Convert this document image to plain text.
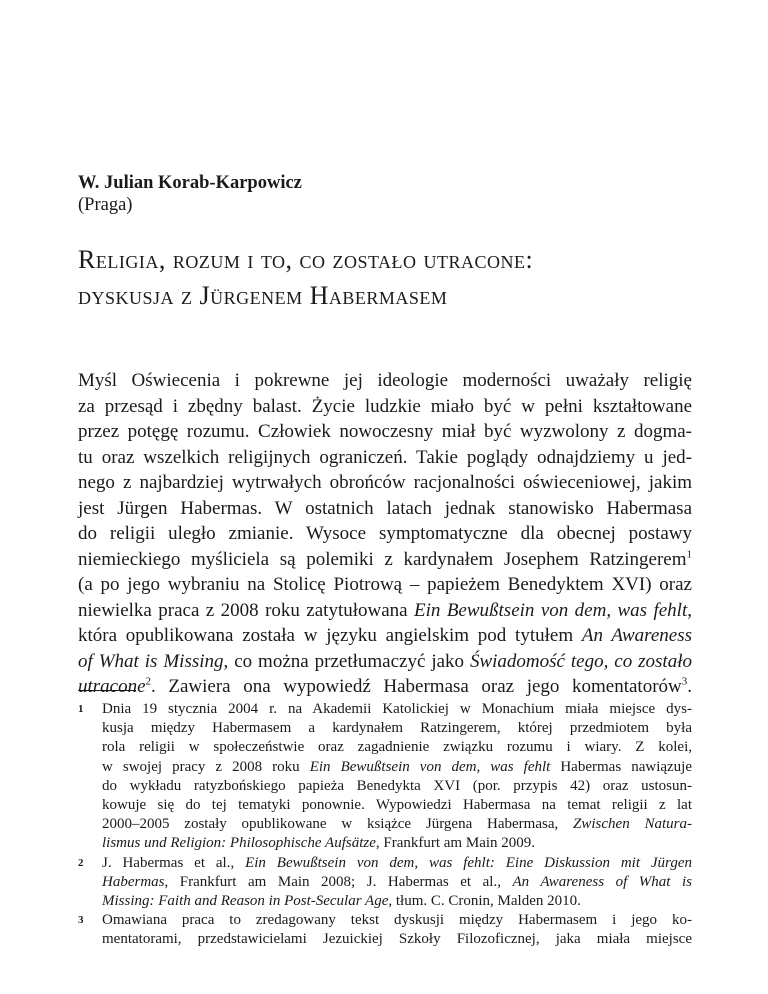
W. Julian Korab-Karpowicz
(Praga)
Religia, rozum i to, co zostało utracone:
dyskusja z Jürgenem Habermasem
Myśl Oświecenia i pokrewne jej ideologie moderności uważały religię
za przesąd i zbędny balast. Życie ludzkie miało być w pełni kształtowane
przez potęgę rozumu. Człowiek nowoczesny miał być wyzwolony z dogma-
tu oraz wszelkich religijnych ograniczeń. Takie poglądy odnajdziemy u jed-
nego z najbardziej wytrwałych obrońców racjonalności oświeceniowej, jakim
jest Jürgen Habermas. W ostatnich latach jednak stanowisko Habermasa
do religii uległo zmianie. Wysoce symptomatyczne dla obecnej postawy
niemieckiego myśliciela są polemiki z kardynałem Josephem Ratzingerem$^1$
(a po jego wybraniu na Stolicę Piotrową – papieżem Benedyktem XVI) oraz
niewielka praca z 2008 roku zatytułowana Ein Bewußtsein von dem, was fehlt,
która opublikowana została w języku angielskim pod tytułem An Awareness
of What is Missing, co można przetłumaczyć jako Świadomość tego, co zostało
utracone$^2$. Zawiera ona wypowiedź Habermasa oraz jego komentatorów$^3$.
1 Dnia 19 stycznia 2004 r. na Akademii Katolickiej w Monachium miała miejsce dys-
kusja między Habermasem a kardynałem Ratzingerem, której przedmiotem była
rola religii w społeczeństwie oraz zagadnienie związku rozumu i wiary. Z kolei,
w swojej pracy z 2008 roku Ein Bewußtsein von dem, was fehlt Habermas nawiązuje
do wykładu ratyzbońskiego papieża Benedykta XVI (por. przypis 42) oraz ustosun-
kowuje się do tej tematyki ponownie. Wypowiedzi Habermasa na temat religii z lat
2000–2005 zostały opublikowane w książce Jürgena Habermasa, Zwischen Natura-
lismus und Religion: Philosophische Aufsätze, Frankfurt am Main 2009.
2 J. Habermas et al., Ein Bewußtsein von dem, was fehlt: Eine Diskussion mit Jürgen
Habermas, Frankfurt am Main 2008; J. Habermas et al., An Awareness of What is
Missing: Faith and Reason in Post-Secular Age, tłum. C. Cronin, Malden 2010.
3 Omawiana praca to zredagowany tekst dyskusji między Habermasem i jego ko-
mentatorami, przedstawicielami Jezuickiej Szkoły Filozoficznej, jaka miała miejsce
